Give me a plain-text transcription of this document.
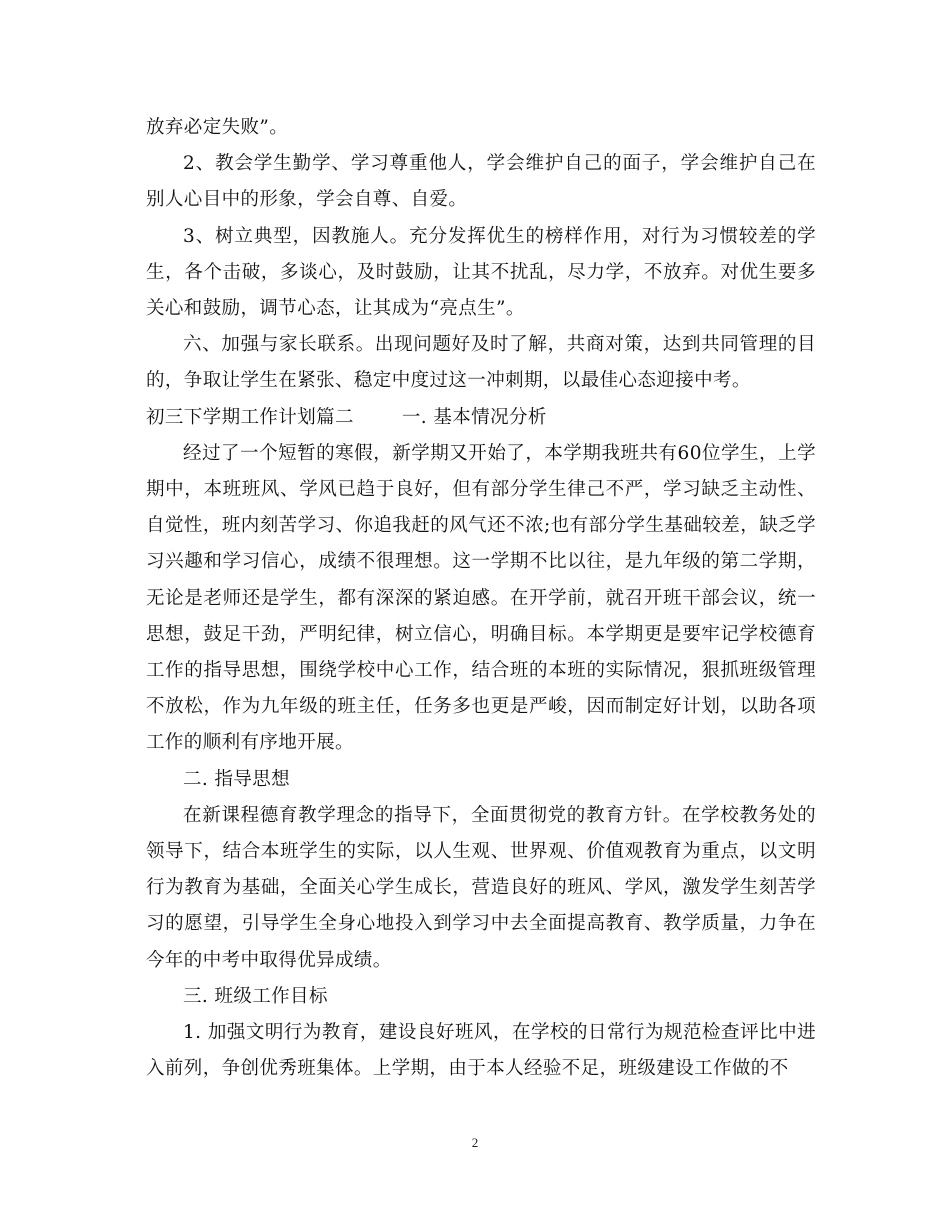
放弃必定失败”。

2、教会学生勤学、学习尊重他人，学会维护自己的面子，学会维护自己在别人心目中的形象，学会自尊、自爱。

3、树立典型，因教施人。充分发挥优生的榜样作用，对行为习惯较差的学生，各个击破，多谈心，及时鼓励，让其不扰乱，尽力学，不放弃。对优生要多关心和鼓励，调节心态，让其成为“亮点生”。

六、加强与家长联系。出现问题好及时了解，共商对策，达到共同管理的目的，争取让学生在紧张、稳定中度过这一冲刺期，以最佳心态迎接中考。

初三下学期工作计划篇二	一. 基本情况分析

经过了一个短暂的寒假，新学期又开始了，本学期我班共有60位学生，上学期中，本班班风、学风已趋于良好，但有部分学生律己不严，学习缺乏主动性、自觉性，班内刻苦学习、你追我赶的风气还不浓;也有部分学生基础较差，缺乏学习兴趣和学习信心，成绩不很理想。这一学期不比以往，是九年级的第二学期，无论是老师还是学生，都有深深的紧迫感。在开学前，就召开班干部会议，统一思想，鼓足干劲，严明纪律，树立信心，明确目标。本学期更是要牢记学校德育工作的指导思想，围绕学校中心工作，结合班的本班的实际情况，狠抓班级管理不放松，作为九年级的班主任，任务多也更是严峻，因而制定好计划，以助各项工作的顺利有序地开展。

二. 指导思想

在新课程德育教学理念的指导下，全面贯彻党的教育方针。在学校教务处的领导下，结合本班学生的实际，以人生观、世界观、价值观教育为重点，以文明行为教育为基础，全面关心学生成长，营造良好的班风、学风，激发学生刻苦学习的愿望，引导学生全身心地投入到学习中去全面提高教育、教学质量，力争在今年的中考中取得优异成绩。

三. 班级工作目标

1. 加强文明行为教育，建设良好班风，在学校的日常行为规范检查评比中进入前列，争创优秀班集体。上学期，由于本人经验不足，班级建设工作做的不

2
